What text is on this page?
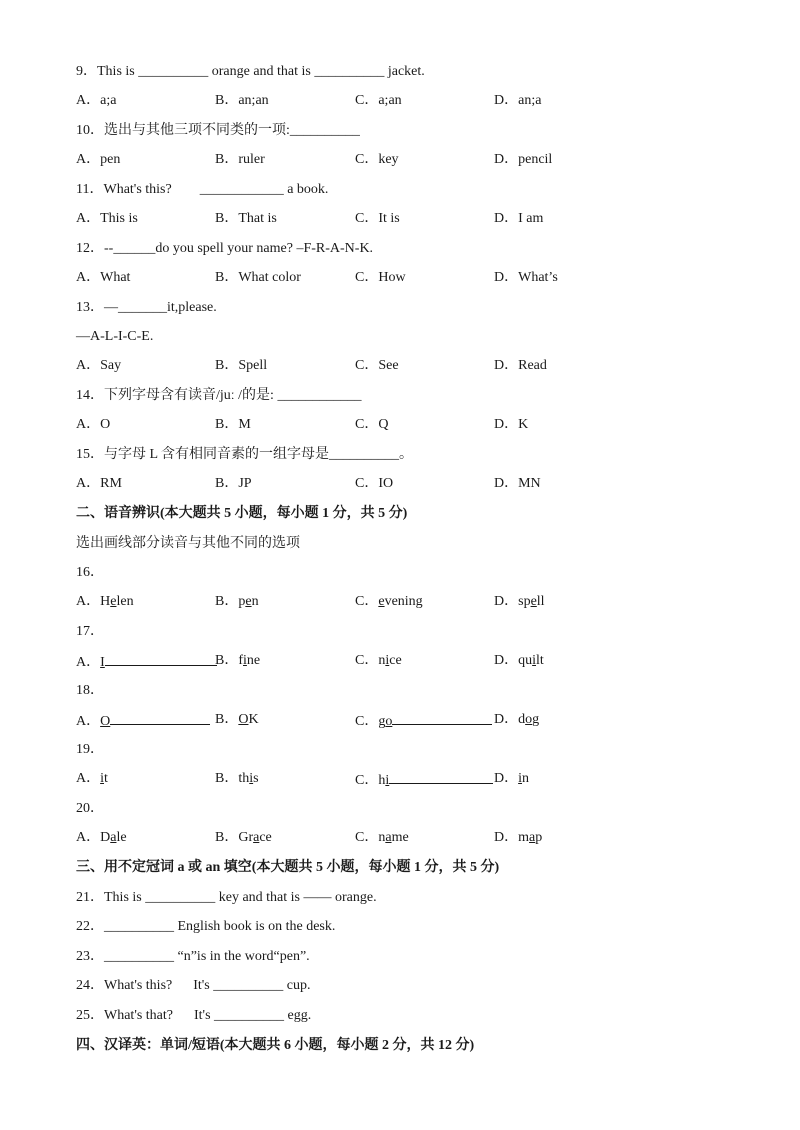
9．This is __________ orange and that is __________ jacket.
A．a;a	B．an;an	C．a;an	D．an;a
10．选出与其他三项不同类的一项:__________
A．pen	B．ruler	C．key	D．pencil
11．What's this?        ____________ a book.
A．This is	B．That is	C．It is	D．I am
12．--______do you spell your name? –F-R-A-N-K.
A．What	B．What color	C．How	D．What’s
13．—_______it,please.
—A-L-I-C-E.
A．Say	B．Spell	C．See	D．Read
14．下列字母含有读音/juː /的是: ____________
A．O	B．M	C．Q	D．K
15．与字母 L 含有相同音素的一组字母是__________。
A．RM	B．JP	C．IO	D．MN
二、语音辨识(本大题共 5 小题，每小题 1 分，共 5 分)
选出画线部分读音与其他不同的选项
16．
A．Helen	B．pen	C．evening	D．spell
17．
A．I	B．fine	C．nice	D．quilt
18．
A．O	B．OK	C．go	D．dog
19．
A．it	B．this	C．hi	D．in
20．
A．Dale	B．Grace	C．name	D．map
三、用不定冠词 a 或 an 填空(本大题共 5 小题，每小题 1 分，共 5 分)
21．This is __________ key and that is —— orange.
22．__________ English book is on the desk.
23．__________ “n”is in the word“pen”.
24．What's this?      It's __________ cup.
25．What's that?      It's __________ egg.
四、汉译英：单词/短语(本大题共 6 小题，每小题 2 分，共 12 分)
